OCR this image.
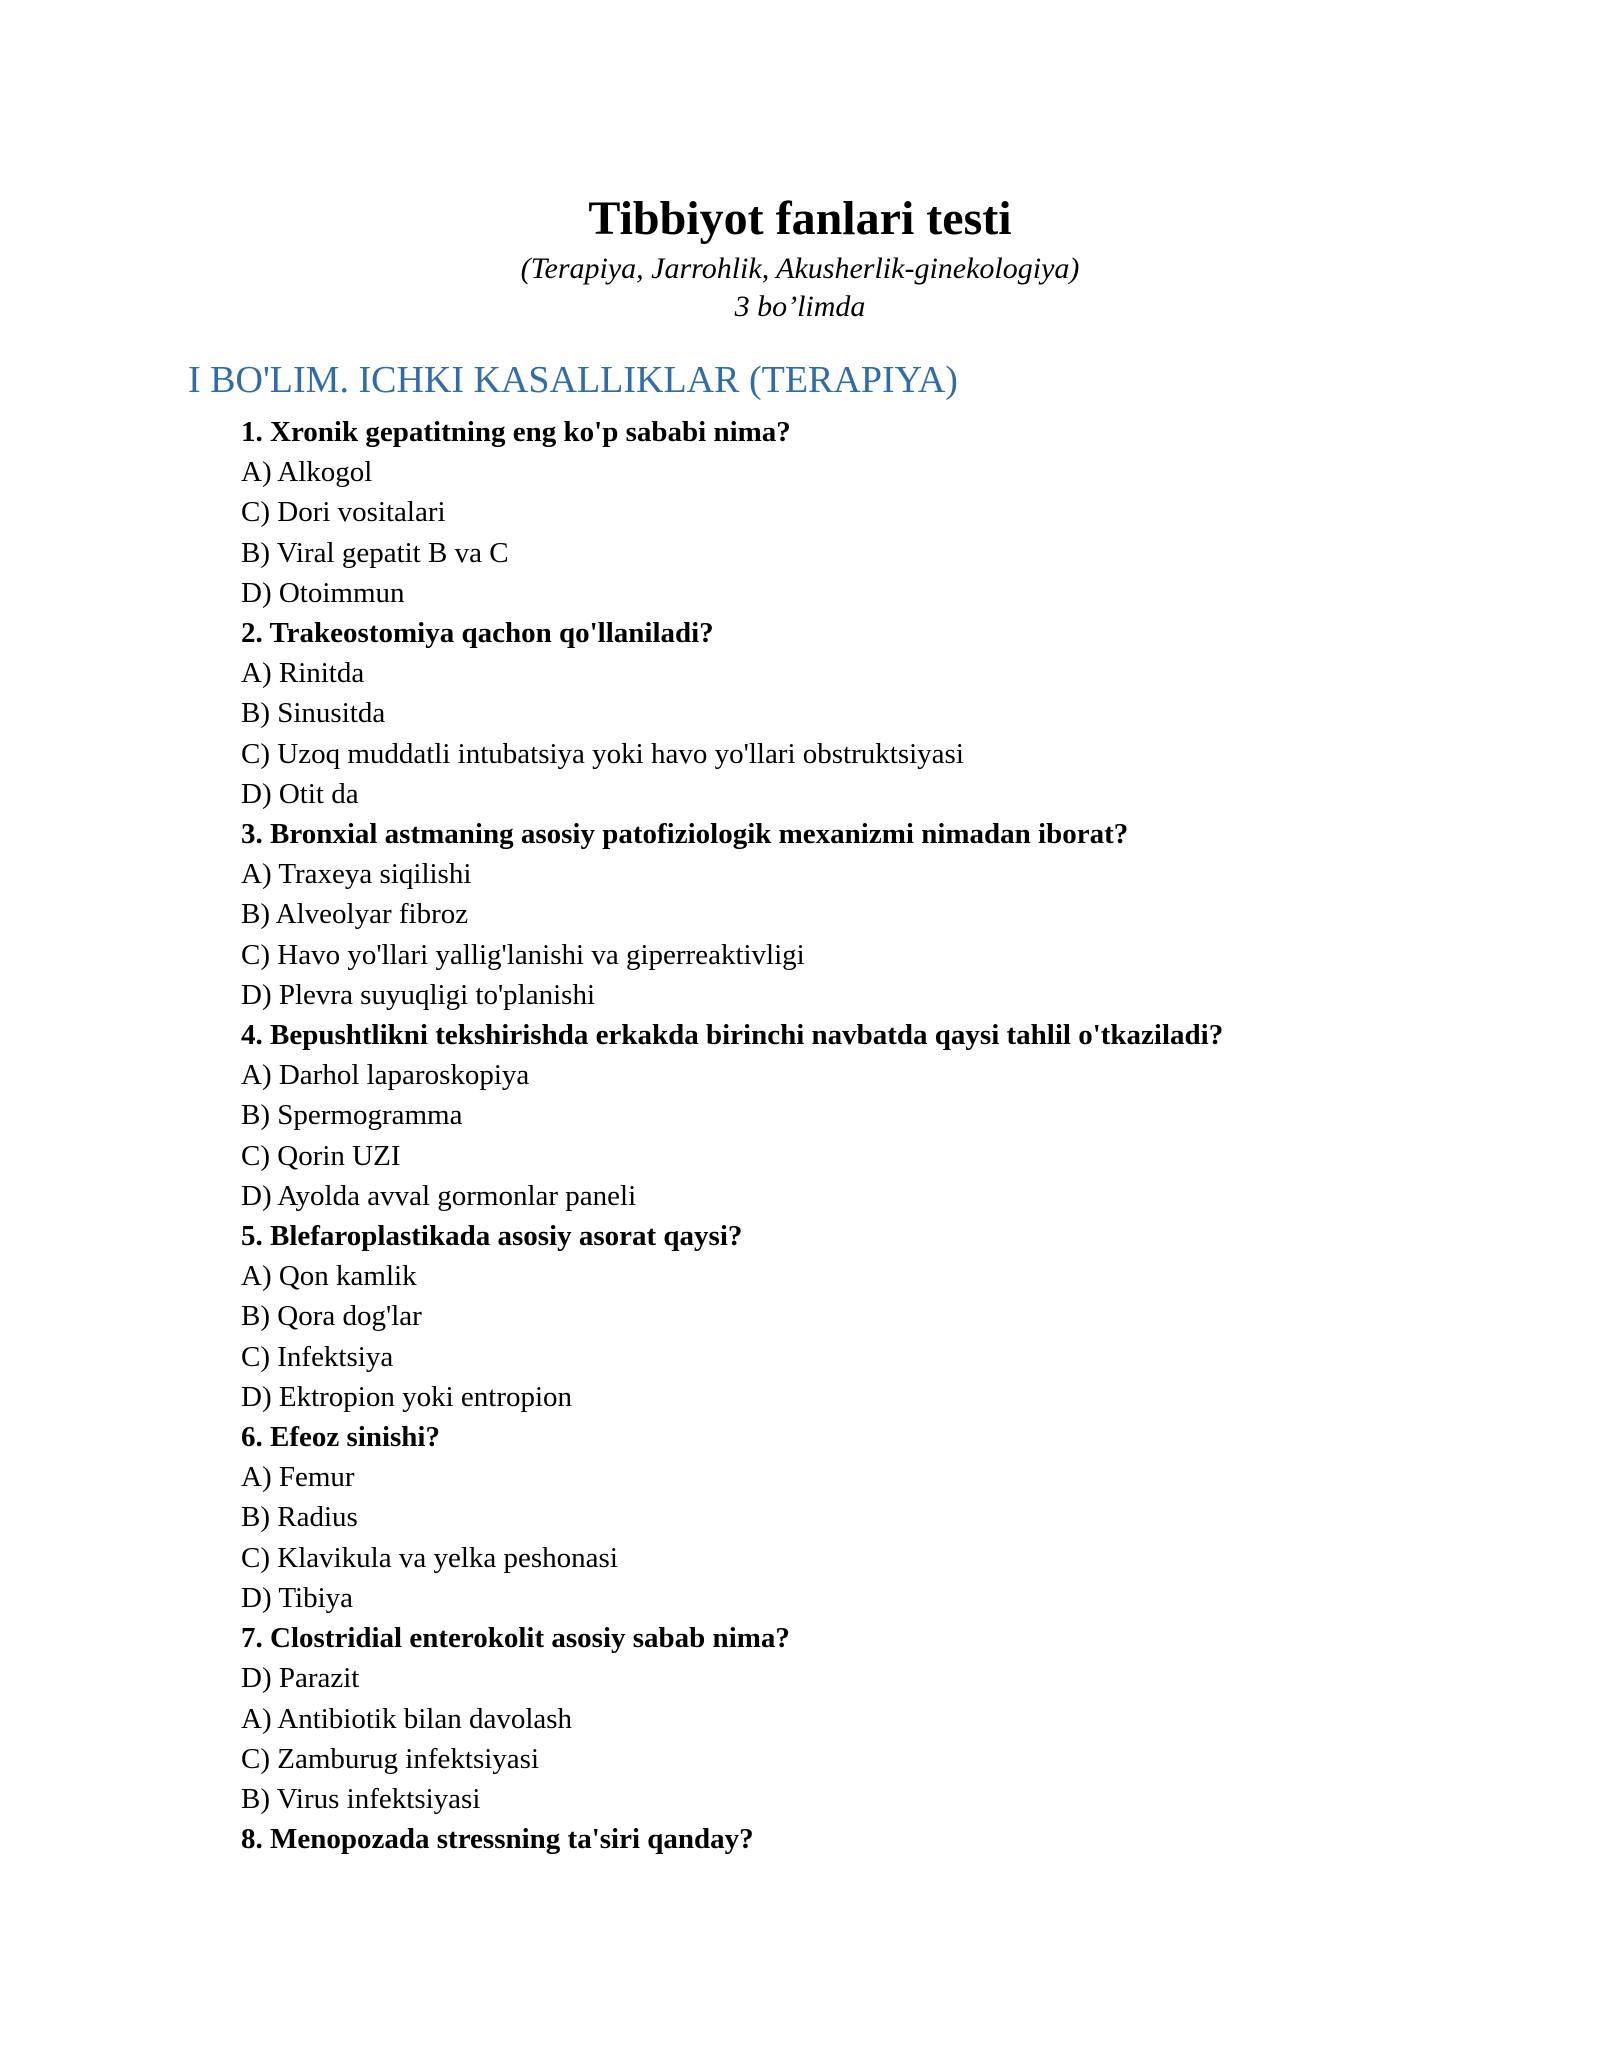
Tibbiyot fanlari testi

(Terapiya, Jarrohlik, Akusherlik-ginekologiya)

3 bo’limda

I BO'LIM. ICHKI KASALLIKLAR (TERAPIYA)
1. Xronik gepatitning eng ko'p sababi nima?
A) Alkogol
C) Dori vositalari
B) Viral gepatit B va C
D) Otoimmun
2. Trakeostomiya qachon qo'llaniladi?
A) Rinitda
B) Sinusitda
C) Uzoq muddatli intubatsiya yoki havo yo'llari obstruktsiyasi
D) Otit da
3. Bronxial astmaning asosiy patofiziologik mexanizmi nimadan iborat?
A) Traxeya siqilishi
B) Alveolyar fibroz
C) Havo yo'llari yallig'lanishi va giperreaktivligi
D) Plevra suyuqligi to'planishi
4. Bepushtlikni tekshirishda erkakda birinchi navbatda qaysi tahlil o'tkaziladi?
A) Darhol laparoskopiya
B) Spermogramma
C) Qorin UZI
D) Ayolda avval gormonlar paneli
5. Blefaroplastikada asosiy asorat qaysi?
A) Qon kamlik
B) Qora dog'lar
C) Infektsiya
D) Ektropion yoki entropion
6. Efeoz sinishi?
A) Femur
B) Radius
C) Klavikula va yelka peshonasi
D) Tibiya
7. Clostridial enterokolit asosiy sabab nima?
D) Parazit
A) Antibiotik bilan davolash
C) Zamburug infektsiyasi
B) Virus infektsiyasi
8. Menopozada stressning ta'siri qanday?
